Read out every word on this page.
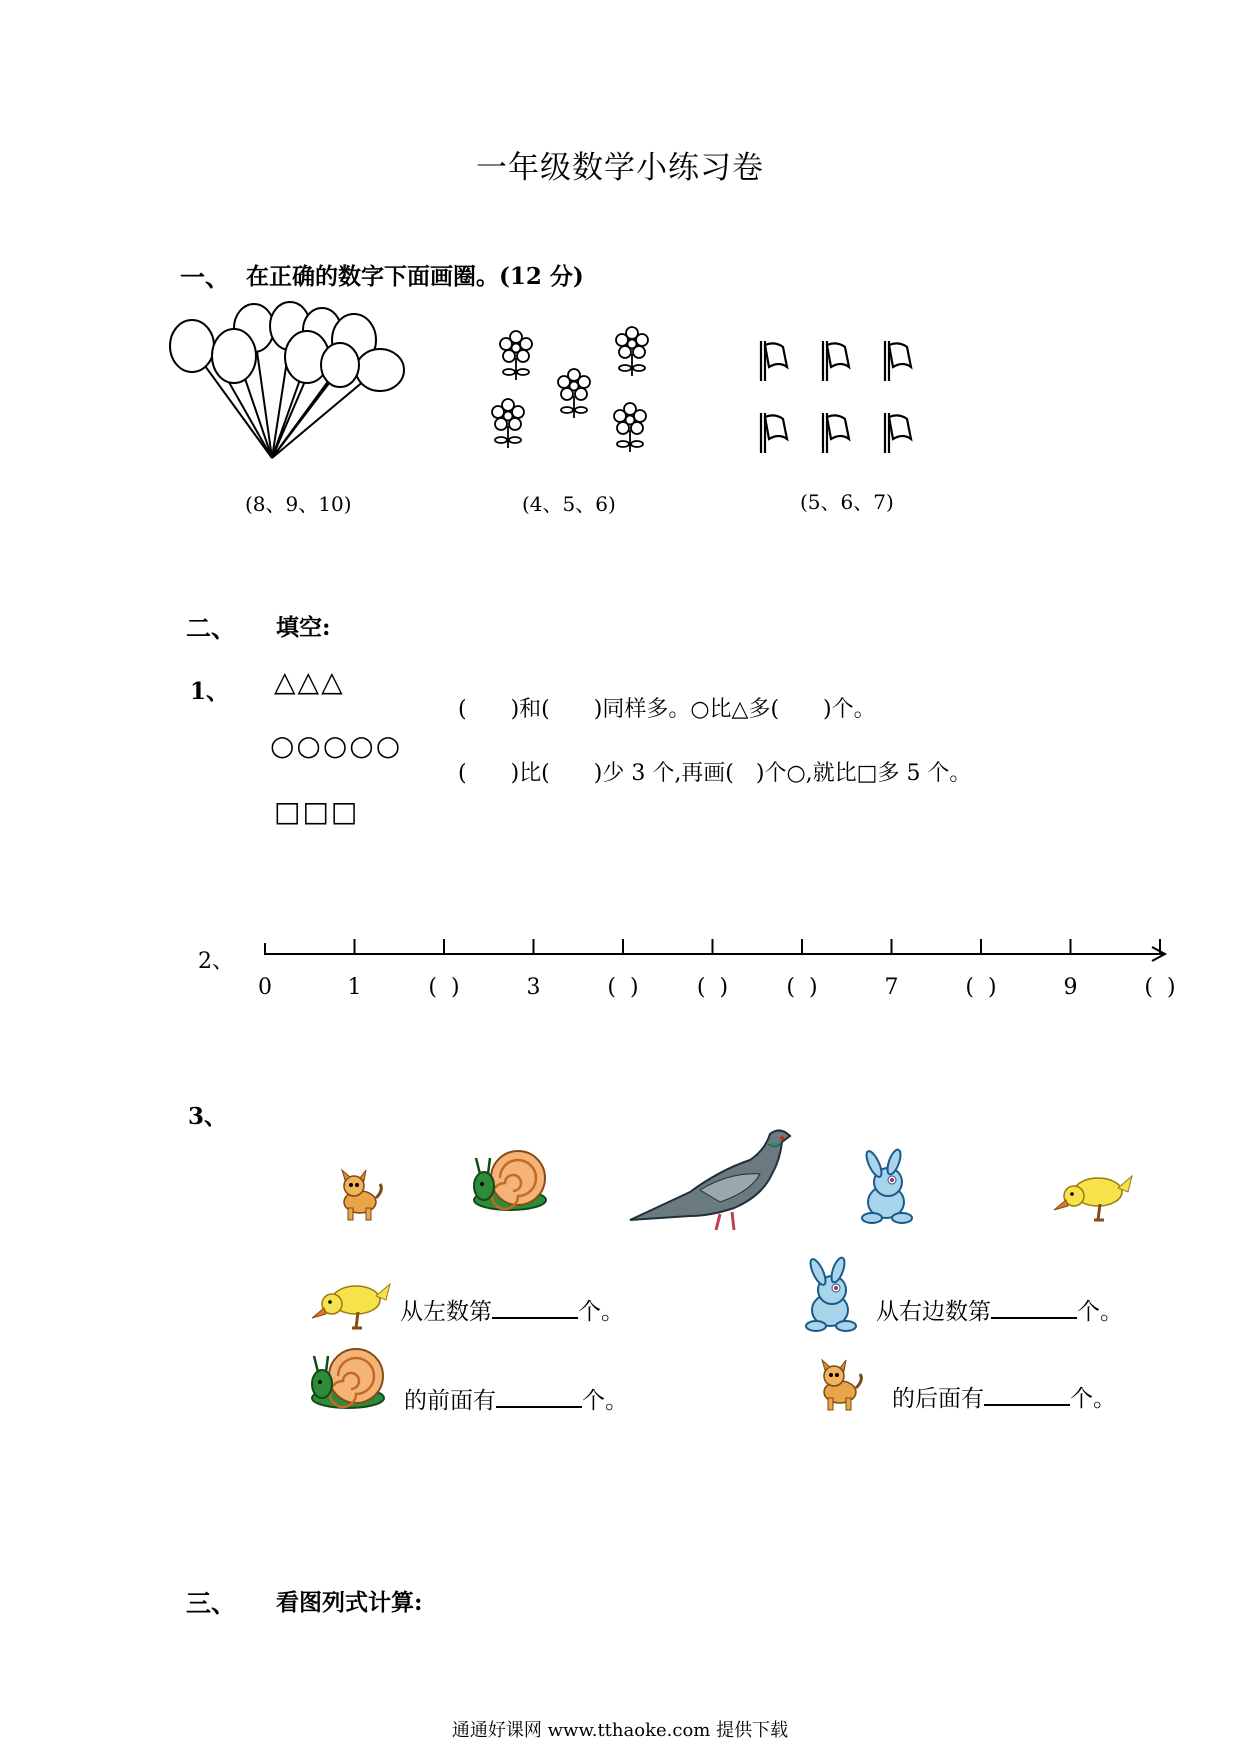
一年级数学小练习卷
一、 在正确的数字下面画圈。(12 分)
(8、9、10)	(4、5、6)	(5、6、7)
二、 填空:
1、 △△△
○○○○○
□□□
(　　)和(　　)同样多。○比△多(　　)个。
(　　)比(　　)少 3 个,再画(　)个○,就比□多 5 个。
2、
0	1	(  )	3	(  )	(  )	(  )	7	(  )	9	(  )
3、
从左数第	个。	从右边数第	个。
的前面有	个。	的后面有	个。
三、 看图列式计算:
通通好课网 www.tthaoke.com 提供下载
